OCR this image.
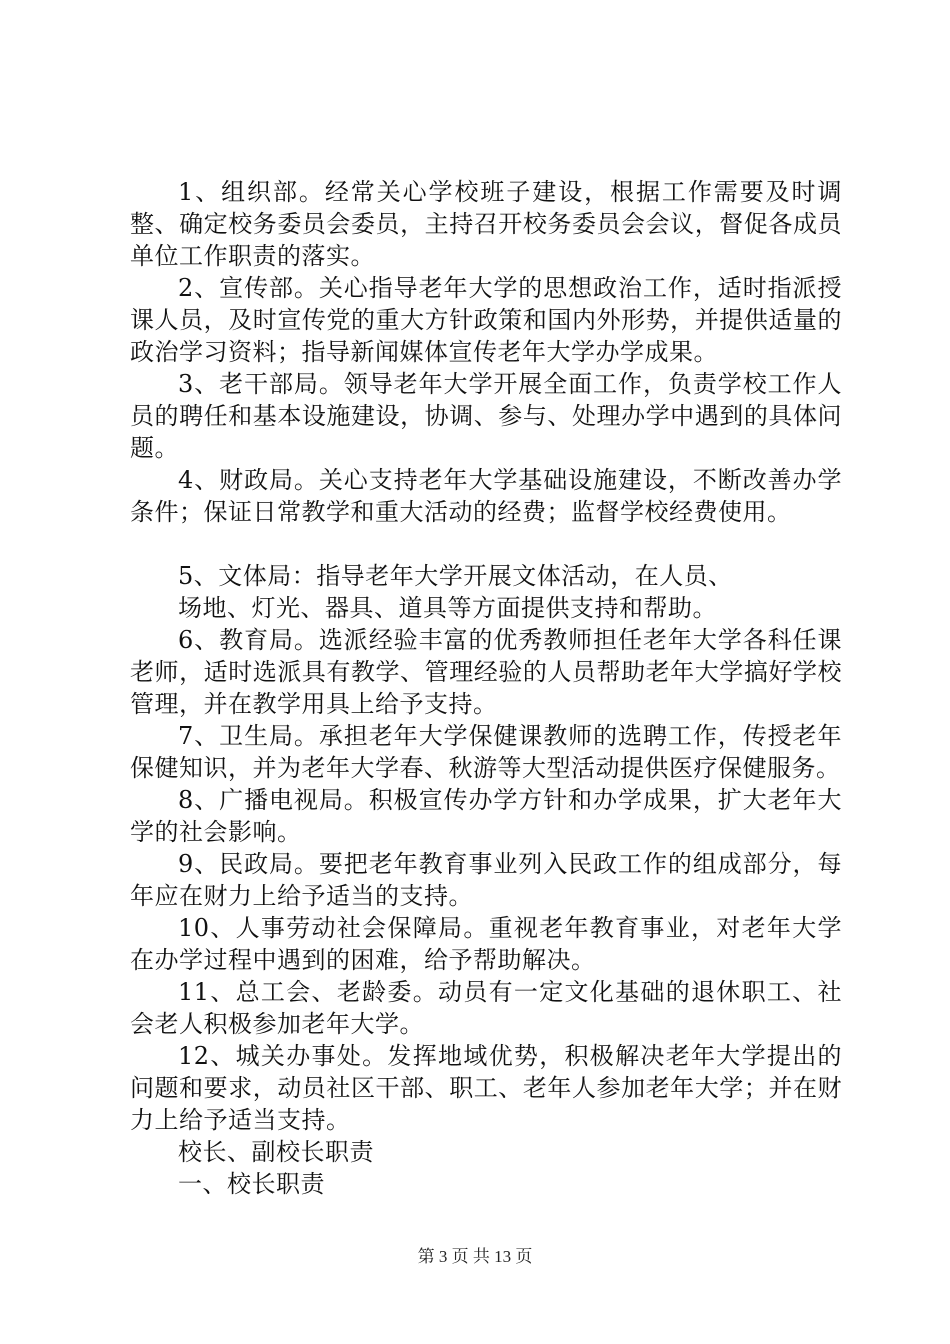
1、组织部。经常关心学校班子建设，根据工作需要及时调整、确定校务委员会委员，主持召开校务委员会会议，督促各成员单位工作职责的落实。

2、宣传部。关心指导老年大学的思想政治工作，适时指派授课人员，及时宣传党的重大方针政策和国内外形势，并提供适量的政治学习资料；指导新闻媒体宣传老年大学办学成果。

3、老干部局。领导老年大学开展全面工作，负责学校工作人员的聘任和基本设施建设，协调、参与、处理办学中遇到的具体问题。

4、财政局。关心支持老年大学基础设施建设，不断改善办学条件；保证日常教学和重大活动的经费；监督学校经费使用。

5、文体局：指导老年大学开展文体活动，在人员、

场地、灯光、器具、道具等方面提供支持和帮助。

6、教育局。选派经验丰富的优秀教师担任老年大学各科任课老师，适时选派具有教学、管理经验的人员帮助老年大学搞好学校管理，并在教学用具上给予支持。

7、卫生局。承担老年大学保健课教师的选聘工作，传授老年保健知识，并为老年大学春、秋游等大型活动提供医疗保健服务。

8、广播电视局。积极宣传办学方针和办学成果，扩大老年大学的社会影响。

9、民政局。要把老年教育事业列入民政工作的组成部分，每年应在财力上给予适当的支持。

10、人事劳动社会保障局。重视老年教育事业，对老年大学在办学过程中遇到的困难，给予帮助解决。

11、总工会、老龄委。动员有一定文化基础的退休职工、社会老人积极参加老年大学。

12、城关办事处。发挥地域优势，积极解决老年大学提出的问题和要求，动员社区干部、职工、老年人参加老年大学；并在财力上给予适当支持。

校长、副校长职责

一、校长职责

第 3 页 共 13 页
